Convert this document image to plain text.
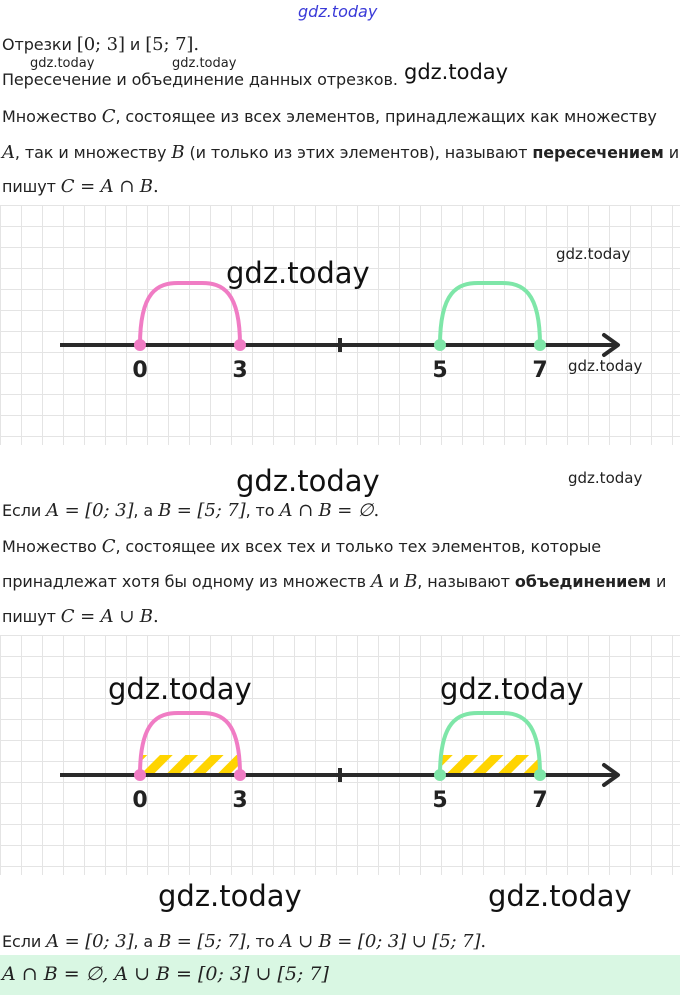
gdz.today
Отрезки [0; 3] и [5; 7].
gdz.today	gdz.today
Пересечение и объединение данных отрезков. gdz.today
Множество C, состоящее из всех элементов, принадлежащих как множеству
A, так и множеству B (и только из этих элементов), называют пересечением и
пишут C = A ∩ B.
0	3	5	7
gdz.today
gdz.today
gdz.today
gdz.today	gdz.today
Если A = [0; 3], а B = [5; 7], то A ∩ B = ∅.
Множество C, состоящее их всех тех и только тех элементов, которые
принадлежат хотя бы одному из множеств A и B, называют объединением и
пишут C = A ∪ B.
0	3	5	7
gdz.today	gdz.today
gdz.today	gdz.today
Если A = [0; 3], а B = [5; 7], то A ∪ B = [0; 3] ∪ [5; 7].
A ∩ B = ∅, A ∪ B = [0; 3] ∪ [5; 7]
